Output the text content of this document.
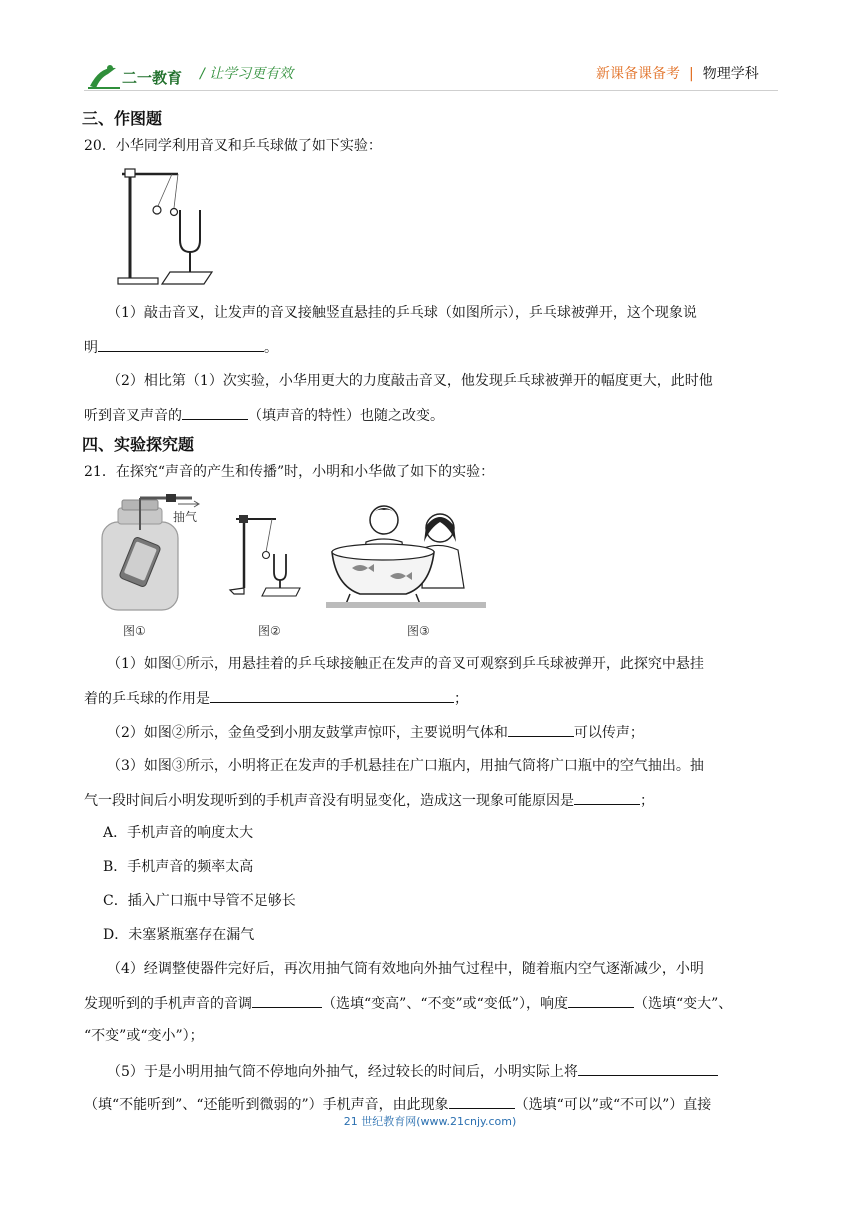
二一教育 / 让学习更有效	新课备课备考 | 物理学科
三、作图题
20．小华同学利用音叉和乒乓球做了如下实验：
（1）敲击音叉，让发声的音叉接触竖直悬挂的乒乓球（如图所示），乒乓球被弹开，这个现象说
明	。
（2）相比第（1）次实验，小华用更大的力度敲击音叉，他发现乒乓球被弹开的幅度更大，此时他
听到音叉声音的	（填声音的特性）也随之改变。
四、实验探究题
21．在探究“声音的产生和传播”时，小明和小华做了如下的实验：
抽气
图①	图②	图③
（1）如图①所示，用悬挂着的乒乓球接触正在发声的音叉可观察到乒乓球被弹开，此探究中悬挂
着的乒乓球的作用是	；
（2）如图②所示，金鱼受到小朋友鼓掌声惊吓，主要说明气体和	可以传声；
（3）如图③所示，小明将正在发声的手机悬挂在广口瓶内，用抽气筒将广口瓶中的空气抽出。抽
气一段时间后小明发现听到的手机声音没有明显变化，造成这一现象可能原因是	；
A．手机声音的响度太大
B．手机声音的频率太高
C．插入广口瓶中导管不足够长
D．未塞紧瓶塞存在漏气
（4）经调整使器件完好后，再次用抽气筒有效地向外抽气过程中，随着瓶内空气逐渐减少，小明
发现听到的手机声音的音调	（选填“变高”、“不变”或“变低”），响度	（选填“变大”、
“不变”或“变小”）；
（5）于是小明用抽气筒不停地向外抽气，经过较长的时间后，小明实际上将
（填“不能听到”、“还能听到微弱的”）手机声音，由此现象	（选填“可以”或“不可以”）直接
21 世纪教育网(www.21cnjy.com)
